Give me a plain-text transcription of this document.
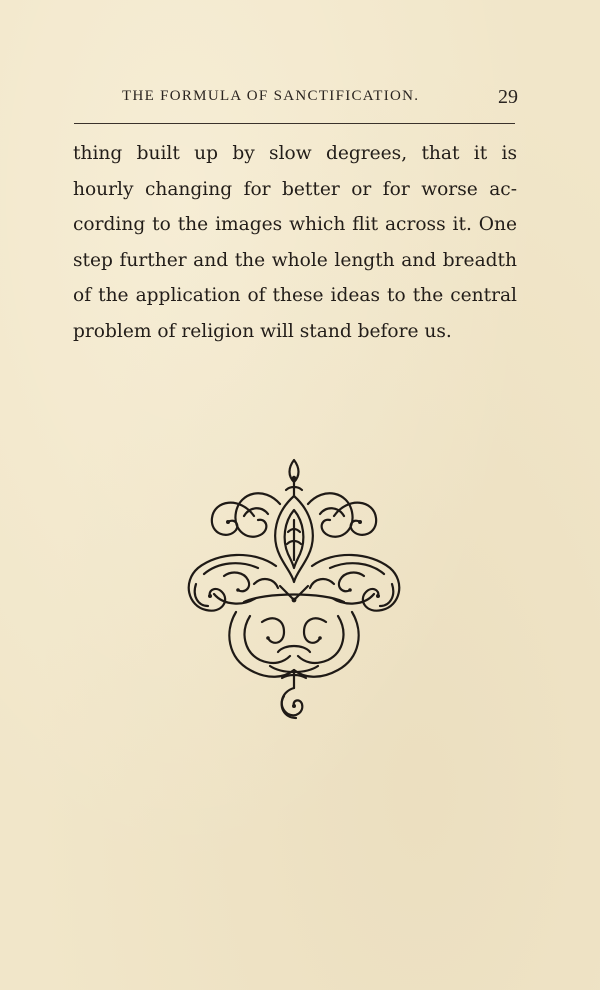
THE FORMULA OF SANCTIFICATION.	29
thing built up by slow degrees, that it is
hourly changing for better or for worse ac-
cording to the images which flit across it. One
step further and the whole length and breadth
of the application of these ideas to the central
problem of religion will stand before us.
